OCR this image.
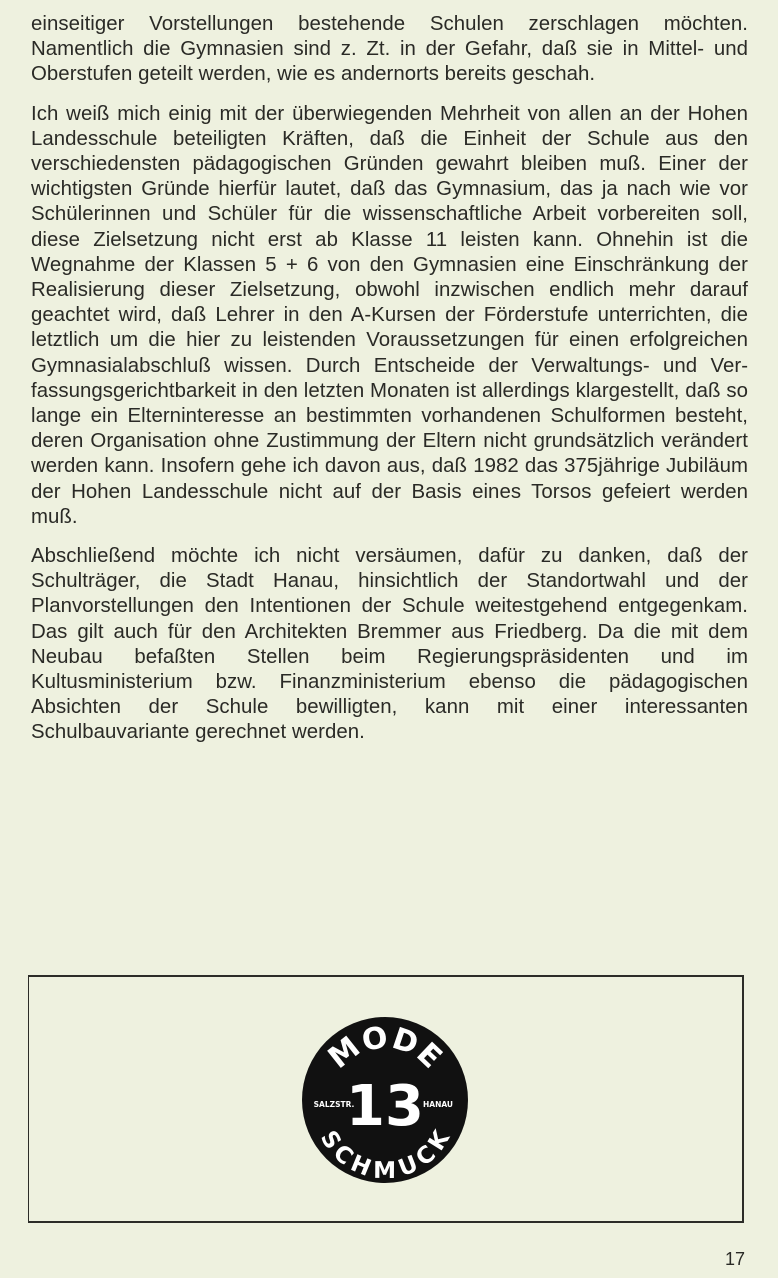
einseitiger Vorstellungen bestehende Schulen zerschlagen möchten. Namentlich die Gymnasien sind z. Zt. in der Gefahr, daß sie in Mittel- und Oberstufen geteilt werden, wie es andernorts bereits geschah.

Ich weiß mich einig mit der überwiegenden Mehrheit von allen an der Hohen Landesschule beteiligten Kräften, daß die Einheit der Schule aus den verschiedensten pädagogischen Gründen gewahrt bleiben muß. Einer der wichtigsten Gründe hierfür lautet, daß das Gymnasium, das ja nach wie vor Schülerinnen und Schüler für die wissenschaftliche Arbeit vorbereiten soll, diese Zielsetzung nicht erst ab Klasse 11 leisten kann. Ohnehin ist die Wegnahme der Klassen 5 + 6 von den Gymnasien eine Einschränkung der Realisierung dieser Zielsetzung, obwohl inzwischen endlich mehr darauf geachtet wird, daß Lehrer in den A-Kursen der Förderstufe unterrichten, die letztlich um die hier zu leistenden Voraussetzungen für einen erfolgreichen Gymnasialabschluß wissen. Durch Entscheide der Verwaltungs- und Verfassungsgerichtbarkeit in den letzten Monaten ist allerdings klargestellt, daß so lange ein Elterninteresse an bestimmten vorhandenen Schulformen besteht, deren Organisation ohne Zustimmung der Eltern nicht grundsätzlich verändert werden kann. Insofern gehe ich davon aus, daß 1982 das 375jährige Jubiläum der Hohen Landesschule nicht auf der Basis eines Torsos gefeiert werden muß.

Abschließend möchte ich nicht versäumen, dafür zu danken, daß der Schulträger, die Stadt Hanau, hinsichtlich der Standortwahl und der Planvorstellungen den Intentionen der Schule weitestgehend entgegenkam. Das gilt auch für den Architekten Bremmer aus Friedberg. Da die mit dem Neubau befaßten Stellen beim Regierungspräsidenten und im Kultusministerium bzw. Finanzministerium ebenso die pädagogischen Absichten der Schule bewilligten, kann mit einer interessanten Schulbauvariante gerechnet werden.

MODE
13
SALZSTR.	HANAU
SCHMUCK
17
